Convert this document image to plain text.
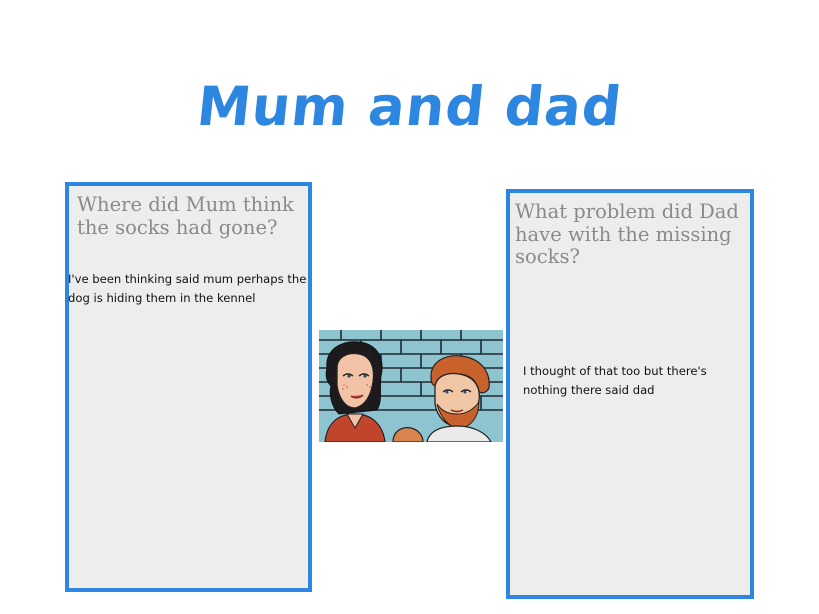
Mum and dad

Where did Mum think the socks had gone?

I've been thinking said mum perhaps the dog is hiding them in the kennel

What problem did Dad have with the missing socks?

I thought of that too but there's nothing there said dad
